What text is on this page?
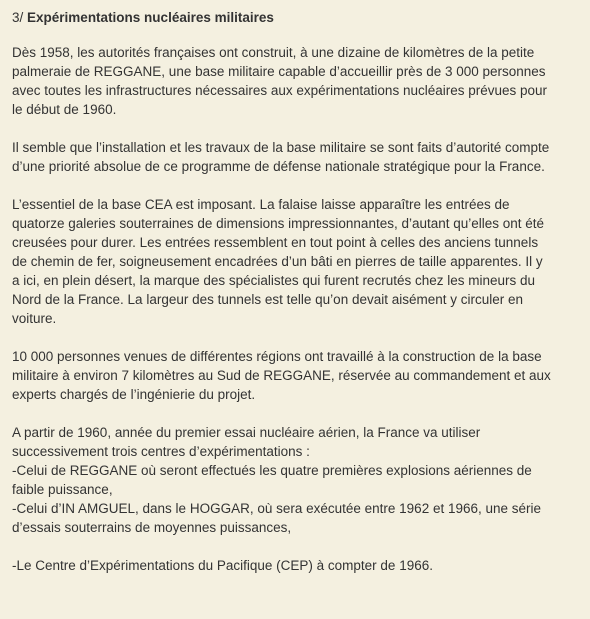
3/ Expérimentations nucléaires militaires

Dès 1958, les autorités françaises ont construit, à une dizaine de kilomètres de la petite
palmeraie de REGGANE, une base militaire capable d’accueillir près de 3 000 personnes
avec toutes les infrastructures nécessaires aux expérimentations nucléaires prévues pour
le début de 1960.

Il semble que l’installation et les travaux de la base militaire se sont faits d’autorité compte
d’une priorité absolue de ce programme de défense nationale stratégique pour la France.

L’essentiel de la base CEA est imposant. La falaise laisse apparaître les entrées de
quatorze galeries souterraines de dimensions impressionnantes, d’autant qu’elles ont été
creusées pour durer. Les entrées ressemblent en tout point à celles des anciens tunnels
de chemin de fer, soigneusement encadrées d’un bâti en pierres de taille apparentes. Il y
a ici, en plein désert, la marque des spécialistes qui furent recrutés chez les mineurs du
Nord de la France. La largeur des tunnels est telle qu’on devait aisément y circuler en
voiture.

10 000 personnes venues de différentes régions ont travaillé à la construction de la base
militaire à environ 7 kilomètres au Sud de REGGANE, réservée au commandement et aux
experts chargés de l’ingénierie du projet.

A partir de 1960, année du premier essai nucléaire aérien, la France va utiliser
successivement trois centres d’expérimentations :
-Celui de REGGANE où seront effectués les quatre premières explosions aériennes de
faible puissance,
-Celui d’IN AMGUEL, dans le HOGGAR, où sera exécutée entre 1962 et 1966, une série
d’essais souterrains de moyennes puissances,

-Le Centre d’Expérimentations du Pacifique (CEP) à compter de 1966.
